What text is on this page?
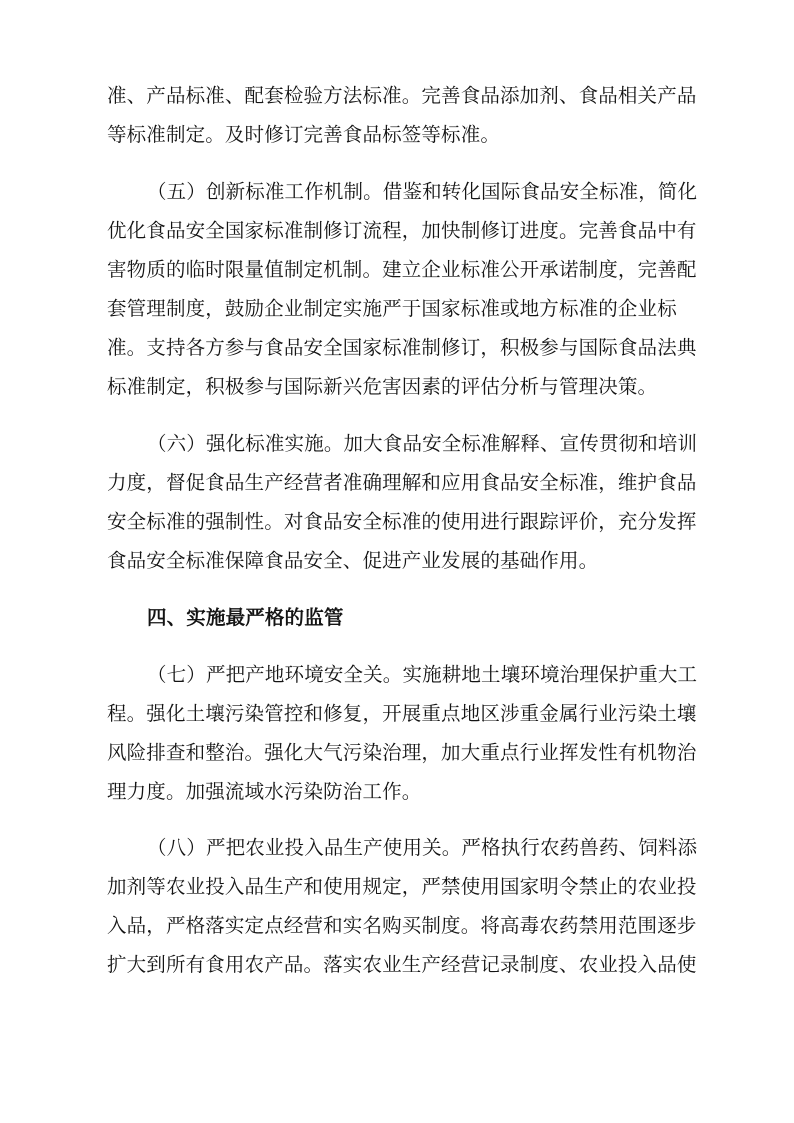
准、产品标准、配套检验方法标准。完善食品添加剂、食品相关产品
等标准制定。及时修订完善食品标签等标准。
（五）创新标准工作机制。借鉴和转化国际食品安全标准，简化
优化食品安全国家标准制修订流程，加快制修订进度。完善食品中有
害物质的临时限量值制定机制。建立企业标准公开承诺制度，完善配
套管理制度，鼓励企业制定实施严于国家标准或地方标准的企业标
准。支持各方参与食品安全国家标准制修订，积极参与国际食品法典
标准制定，积极参与国际新兴危害因素的评估分析与管理决策。
（六）强化标准实施。加大食品安全标准解释、宣传贯彻和培训
力度，督促食品生产经营者准确理解和应用食品安全标准，维护食品
安全标准的强制性。对食品安全标准的使用进行跟踪评价，充分发挥
食品安全标准保障食品安全、促进产业发展的基础作用。
四、实施最严格的监管
（七）严把产地环境安全关。实施耕地土壤环境治理保护重大工
程。强化土壤污染管控和修复，开展重点地区涉重金属行业污染土壤
风险排查和整治。强化大气污染治理，加大重点行业挥发性有机物治
理力度。加强流域水污染防治工作。
（八）严把农业投入品生产使用关。严格执行农药兽药、饲料添
加剂等农业投入品生产和使用规定，严禁使用国家明令禁止的农业投
入品，严格落实定点经营和实名购买制度。将高毒农药禁用范围逐步
扩大到所有食用农产品。落实农业生产经营记录制度、农业投入品使
